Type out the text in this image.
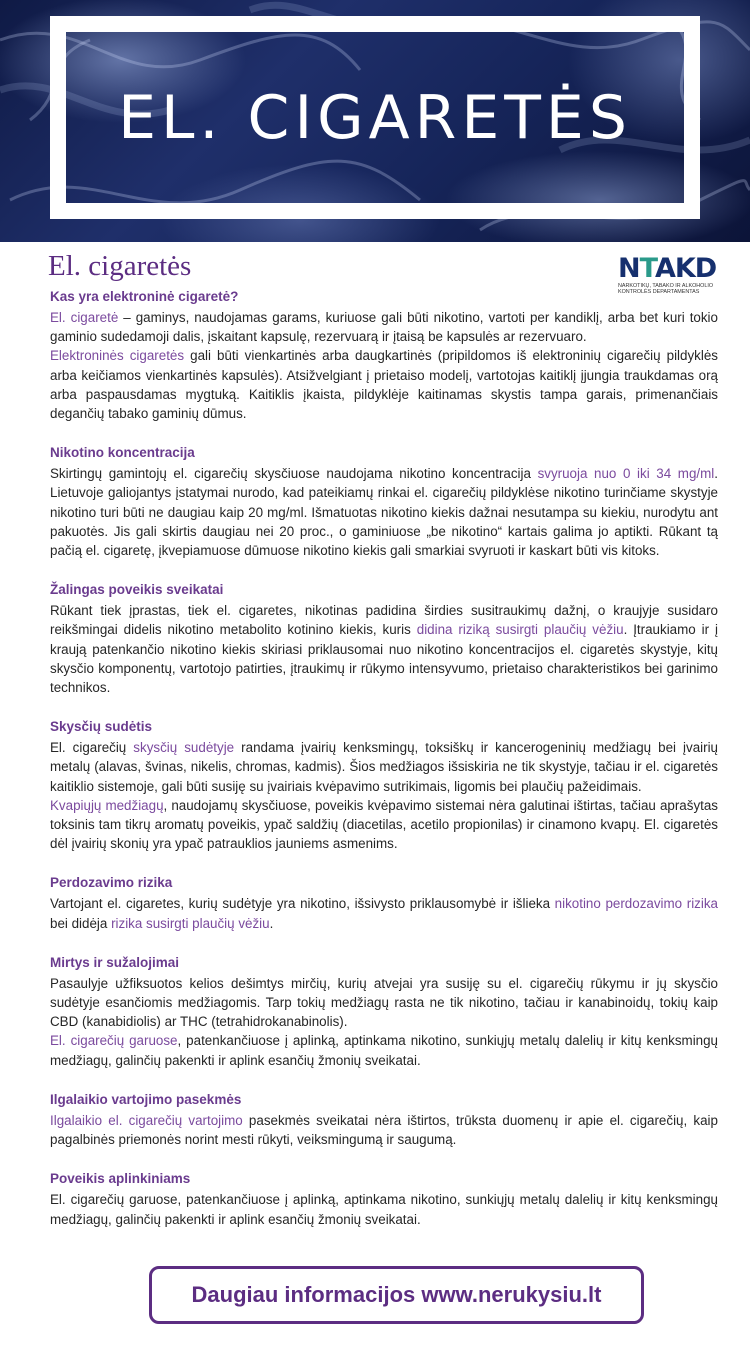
EL. CIGARETĖS
El. cigaretės	NTAKD
NARKOTIKŲ, TABAKO IR ALKOHOLIO
KONTROLĖS DEPARTAMENTAS
Kas yra elektroninė cigaretė?

El. cigaretė – gaminys, naudojamas garams, kuriuose gali būti nikotino, vartoti per kandiklį, arba bet kuri tokio gaminio sudedamoji dalis, įskaitant kapsulę, rezervuarą ir įtaisą be kapsulės ar rezervuaro.

Elektroninės cigaretės gali būti vienkartinės arba daugkartinės (pripildomos iš elektroninių cigarečių pildyklės arba keičiamos vienkartinės kapsulės). Atsižvelgiant į prietaiso modelį, vartotojas kaitiklį įjungia traukdamas orą arba paspausdamas mygtuką. Kaitiklis įkaista, pildyklėje kaitinamas skystis tampa garais, primenančiais degančių tabako gaminių dūmus.

Nikotino koncentracija

Skirtingų gamintojų el. cigarečių skysčiuose naudojama nikotino koncentracija svyruoja nuo 0 iki 34 mg/ml. Lietuvoje galiojantys įstatymai nurodo, kad pateikiamų rinkai el. cigarečių pildyklėse nikotino turinčiame skystyje nikotino turi būti ne daugiau kaip 20 mg/ml. Išmatuotas nikotino kiekis dažnai nesutampa su kiekiu, nurodytu ant pakuotės. Jis gali skirtis daugiau nei 20 proc., o gaminiuose „be nikotino“ kartais galima jo aptikti. Rūkant tą pačią el. cigaretę, įkvepiamuose dūmuose nikotino kiekis gali smarkiai svyruoti ir kaskart būti vis kitoks.

Žalingas poveikis sveikatai

Rūkant tiek įprastas, tiek el. cigaretes, nikotinas padidina širdies susitraukimų dažnį, o kraujyje susidaro reikšmingai didelis nikotino metabolito kotinino kiekis, kuris didina riziką susirgti plaučių vėžiu. Įtraukiamo ir į kraują patenkančio nikotino kiekis skiriasi priklausomai nuo nikotino koncentracijos el. cigaretės skystyje, kitų skysčio komponentų, vartotojo patirties, įtraukimų ir rūkymo intensyvumo, prietaiso charakteristikos bei garinimo technikos.

Skysčių sudėtis

El. cigarečių skysčių sudėtyje randama įvairių kenksmingų, toksiškų ir kancerogeninių medžiagų bei įvairių metalų (alavas, švinas, nikelis, chromas, kadmis). Šios medžiagos išsiskiria ne tik skystyje, tačiau ir el. cigaretės kaitiklio sistemoje, gali būti susiję su įvairiais kvėpavimo sutrikimais, ligomis bei plaučių pažeidimais.

Kvapiųjų medžiagų, naudojamų skysčiuose, poveikis kvėpavimo sistemai nėra galutinai ištirtas, tačiau aprašytas toksinis tam tikrų aromatų poveikis, ypač saldžių (diacetilas, acetilo propionilas) ir cinamono kvapų. El. cigaretės dėl įvairių skonių yra ypač patrauklios jauniems asmenims.

Perdozavimo rizika

Vartojant el. cigaretes, kurių sudėtyje yra nikotino, išsivysto priklausomybė ir išlieka nikotino perdozavimo rizika bei didėja rizika susirgti plaučių vėžiu.

Mirtys ir sužalojimai

Pasaulyje užfiksuotos kelios dešimtys mirčių, kurių atvejai yra susiję su el. cigarečių rūkymu ir jų skysčio sudėtyje esančiomis medžiagomis. Tarp tokių medžiagų rasta ne tik nikotino, tačiau ir kanabinoidų, tokių kaip CBD (kanabidiolis) ar THC (tetrahidrokanabinolis).

El. cigarečių garuose, patenkančiuose į aplinką, aptinkama nikotino, sunkiųjų metalų dalelių ir kitų kenksmingų medžiagų, galinčių pakenkti ir aplink esančių žmonių sveikatai.

Ilgalaikio vartojimo pasekmės

Ilgalaikio el. cigarečių vartojimo pasekmės sveikatai nėra ištirtos, trūksta duomenų ir apie el. cigarečių, kaip pagalbinės priemonės norint mesti rūkyti, veiksmingumą ir saugumą.

Poveikis aplinkiniams

El. cigarečių garuose, patenkančiuose į aplinką, aptinkama nikotino, sunkiųjų metalų dalelių ir kitų kenksmingų medžiagų, galinčių pakenkti ir aplink esančių žmonių sveikatai.

Daugiau informacijos www.nerukysiu.lt
